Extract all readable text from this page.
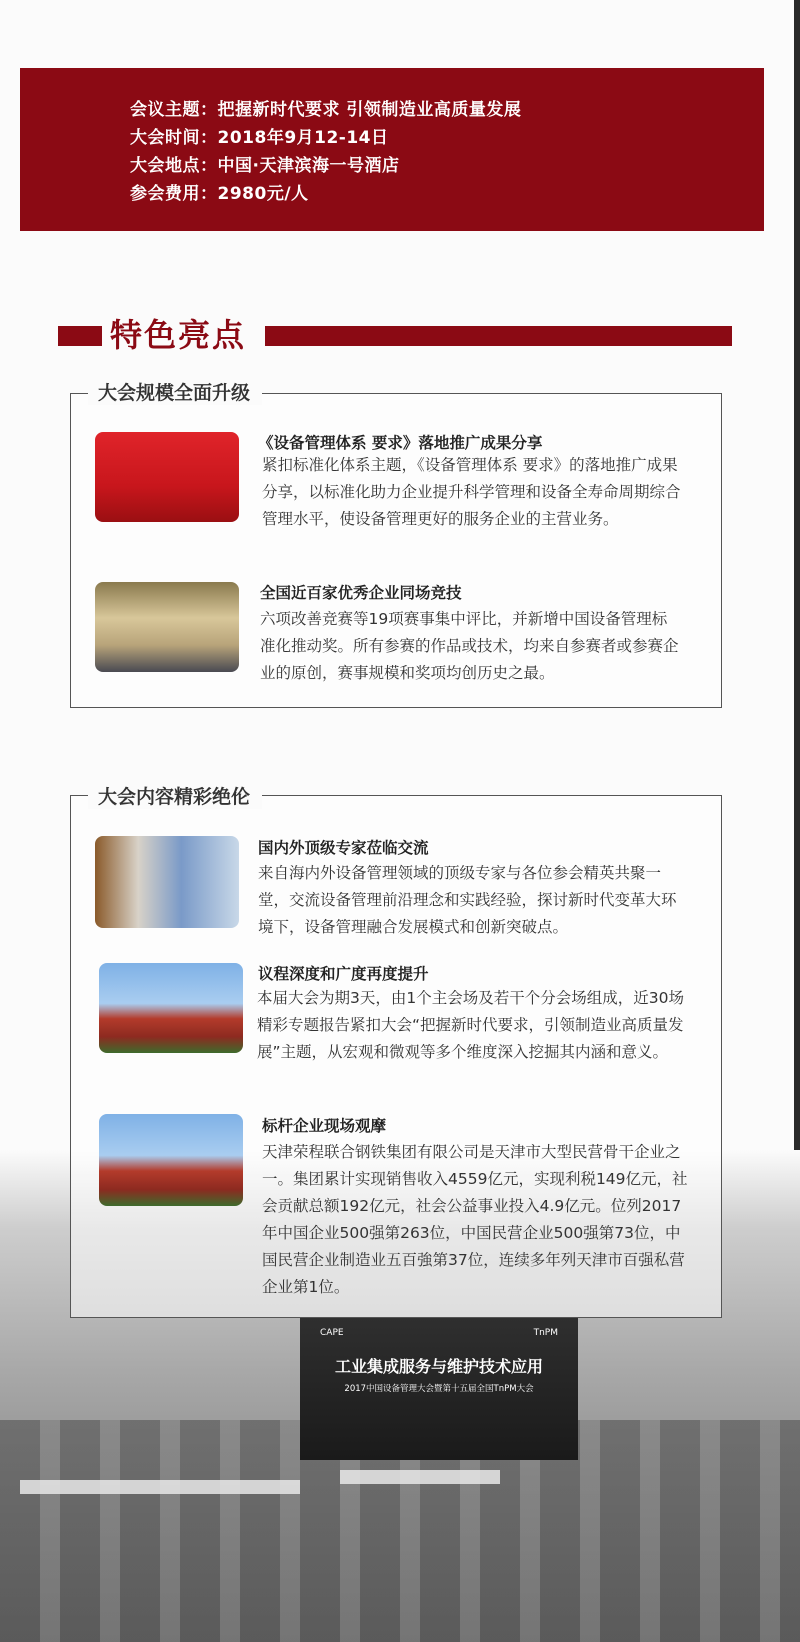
会议主题：把握新时代要求 引领制造业高质量发展
大会时间：2018年9月12-14日
大会地点：中国·天津滨海一号酒店
参会费用：2980元/人
特色亮点
CAPE	TnPM
工业集成服务与维护技术应用
2017中国设备管理大会暨第十五届全国TnPM大会
大会规模全面升级
《设备管理体系 要求》落地推广成果分享
紧扣标准化体系主题，《设备管理体系 要求》的落地推广成果分享，以标准化助力企业提升科学管理和设备全寿命周期综合管理水平，使设备管理更好的服务企业的主营业务。
全国近百家优秀企业同场竞技
六项改善竞赛等19项赛事集中评比，并新增中国设备管理标准化推动奖。所有参赛的作品或技术，均来自参赛者或参赛企业的原创，赛事规模和奖项均创历史之最。
大会内容精彩绝伦
国内外顶级专家莅临交流
来自海内外设备管理领域的顶级专家与各位参会精英共聚一堂，交流设备管理前沿理念和实践经验，探讨新时代变革大环境下，设备管理融合发展模式和创新突破点。
议程深度和广度再度提升
本届大会为期3天，由1个主会场及若干个分会场组成，近30场精彩专题报告紧扣大会“把握新时代要求，引领制造业高质量发展”主题，从宏观和微观等多个维度深入挖掘其内涵和意义。
标杆企业现场观摩
天津荣程联合钢铁集团有限公司是天津市大型民营骨干企业之一。集团累计实现销售收入4559亿元，实现利税149亿元，社会贡献总额192亿元，社会公益事业投入4.9亿元。位列2017年中国企业500强第263位，中国民营企业500强第73位，中国民营企业制造业五百強第37位，连续多年列天津市百强私营企业第1位。
